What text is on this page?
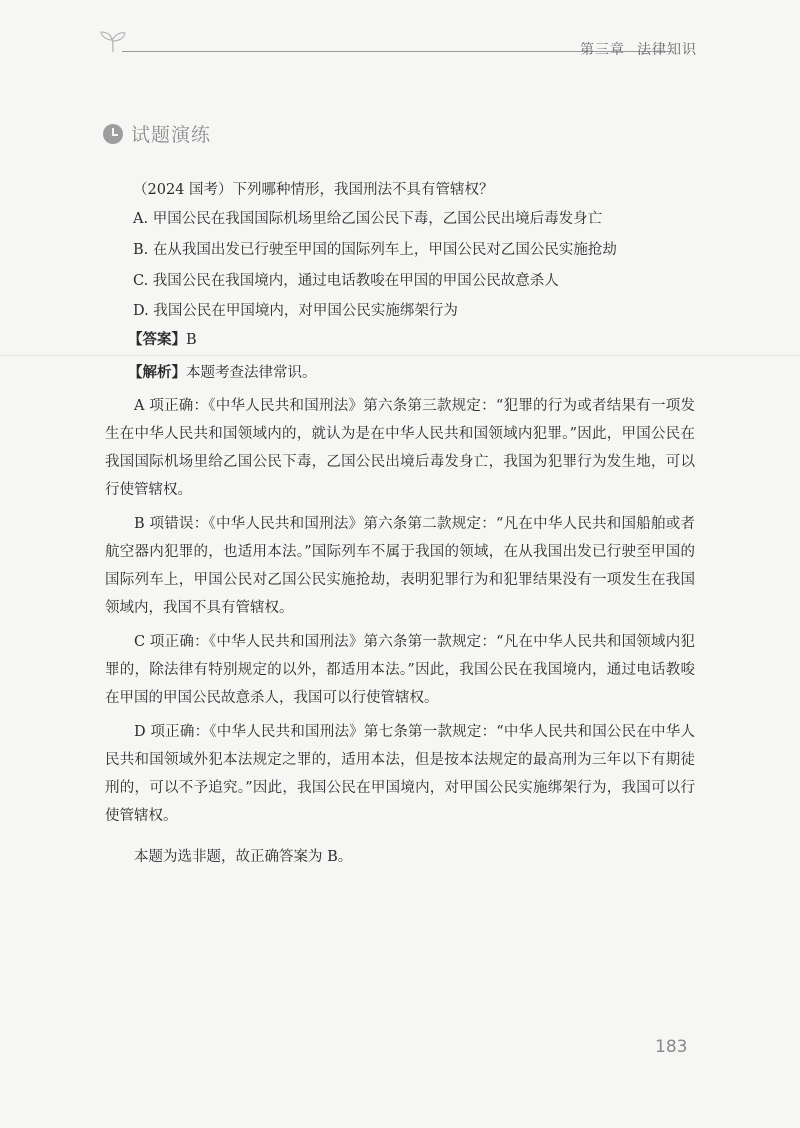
第三章 法律知识
试题演练
（2024 国考）下列哪种情形，我国刑法不具有管辖权？
A. 甲国公民在我国国际机场里给乙国公民下毒，乙国公民出境后毒发身亡
B. 在从我国出发已行驶至甲国的国际列车上，甲国公民对乙国公民实施抢劫
C. 我国公民在我国境内，通过电话教唆在甲国的甲国公民故意杀人
D. 我国公民在甲国境内，对甲国公民实施绑架行为
【答案】B
【解析】本题考查法律常识。
A 项正确：《中华人民共和国刑法》第六条第三款规定：“犯罪的行为或者结果有一项发生在中华人民共和国领域内的，就认为是在中华人民共和国领域内犯罪。”因此，甲国公民在我国国际机场里给乙国公民下毒，乙国公民出境后毒发身亡，我国为犯罪行为发生地，可以行使管辖权。
B 项错误：《中华人民共和国刑法》第六条第二款规定：“凡在中华人民共和国船舶或者航空器内犯罪的，也适用本法。”国际列车不属于我国的领域，在从我国出发已行驶至甲国的国际列车上，甲国公民对乙国公民实施抢劫，表明犯罪行为和犯罪结果没有一项发生在我国领域内，我国不具有管辖权。
C 项正确：《中华人民共和国刑法》第六条第一款规定：“凡在中华人民共和国领域内犯罪的，除法律有特别规定的以外，都适用本法。”因此，我国公民在我国境内，通过电话教唆在甲国的甲国公民故意杀人，我国可以行使管辖权。
D 项正确：《中华人民共和国刑法》第七条第一款规定：“中华人民共和国公民在中华人民共和国领域外犯本法规定之罪的，适用本法，但是按本法规定的最高刑为三年以下有期徒刑的，可以不予追究。”因此，我国公民在甲国境内，对甲国公民实施绑架行为，我国可以行使管辖权。
本题为选非题，故正确答案为 B。
183
